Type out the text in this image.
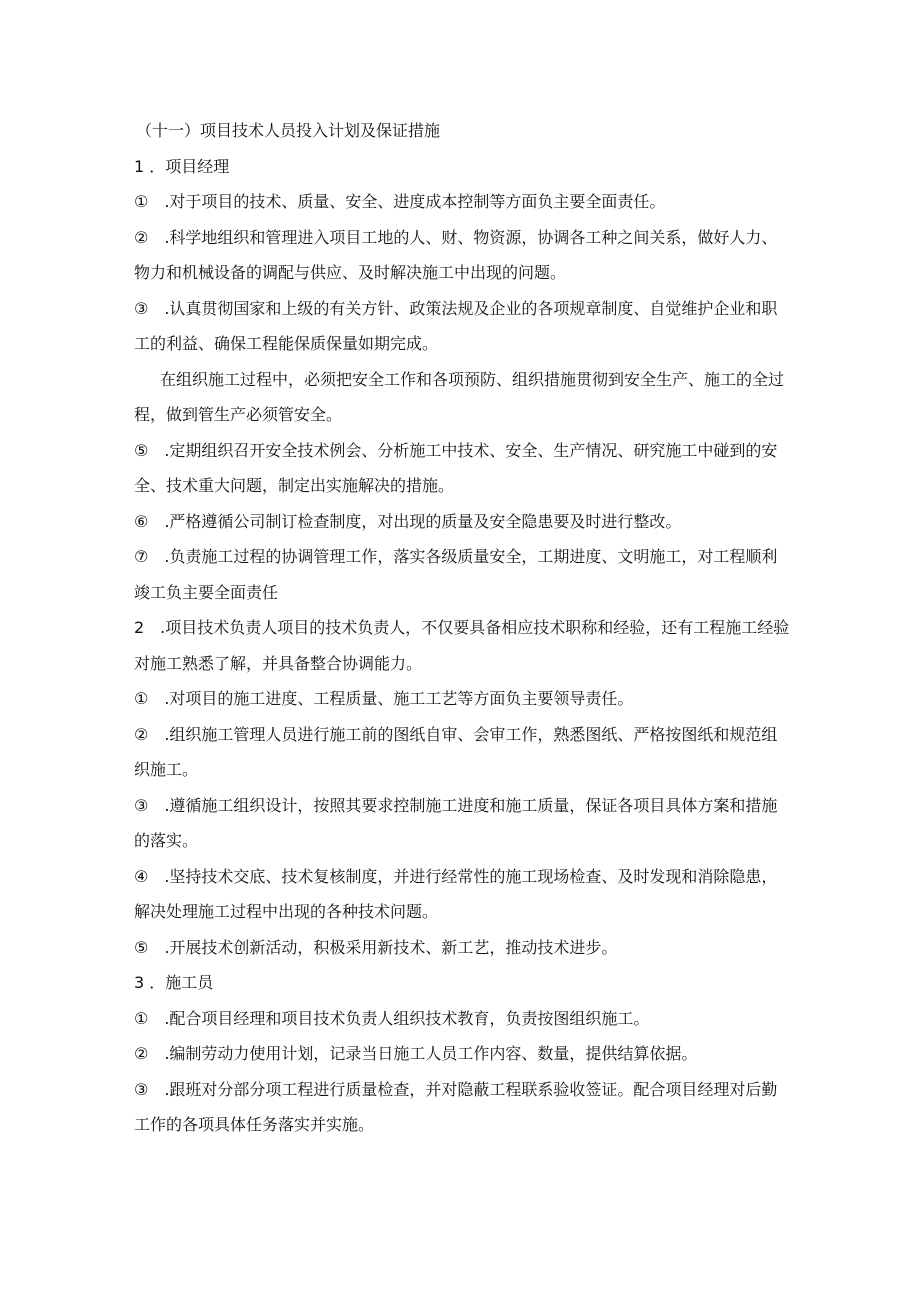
（十一）项目技术人员投入计划及保证措施

1 ．项目经理

①　.对于项目的技术、质量、安全、进度成本控制等方面负主要全面责任。

②　.科学地组织和管理进入项目工地的人、财、物资源，协调各工种之间关系，做好人力、物力和机械设备的调配与供应、及时解决施工中出现的问题。

③　.认真贯彻国家和上级的有关方针、政策法规及企业的各项规章制度、自觉维护企业和职工的利益、确保工程能保质保量如期完成。

在组织施工过程中，必须把安全工作和各项预防、组织措施贯彻到安全生产、施工的全过程，做到管生产必须管安全。

⑤　.定期组织召开安全技术例会、分析施工中技术、安全、生产情况、研究施工中碰到的安全、技术重大问题，制定出实施解决的措施。

⑥　.严格遵循公司制订检查制度，对出现的质量及安全隐患要及时进行整改。

⑦　.负责施工过程的协调管理工作，落实各级质量安全，工期进度、文明施工，对工程顺利竣工负主要全面责任

2　.项目技术负责人项目的技术负责人，不仅要具备相应技术职称和经验，还有工程施工经验对施工熟悉了解，并具备整合协调能力。

①　.对项目的施工进度、工程质量、施工工艺等方面负主要领导责任。

②　.组织施工管理人员进行施工前的图纸自审、会审工作，熟悉图纸、严格按图纸和规范组织施工。

③　.遵循施工组织设计，按照其要求控制施工进度和施工质量，保证各项目具体方案和措施的落实。

④　.坚持技术交底、技术复核制度，并进行经常性的施工现场检查、及时发现和消除隐患，解决处理施工过程中出现的各种技术问题。

⑤　.开展技术创新活动，积极采用新技术、新工艺，推动技术进步。

3 ．施工员

①　.配合项目经理和项目技术负责人组织技术教育，负责按图组织施工。

②　.编制劳动力使用计划，记录当日施工人员工作内容、数量，提供结算依据。

③　.跟班对分部分项工程进行质量检查，并对隐蔽工程联系验收签证。配合项目经理对后勤工作的各项具体任务落实并实施。
